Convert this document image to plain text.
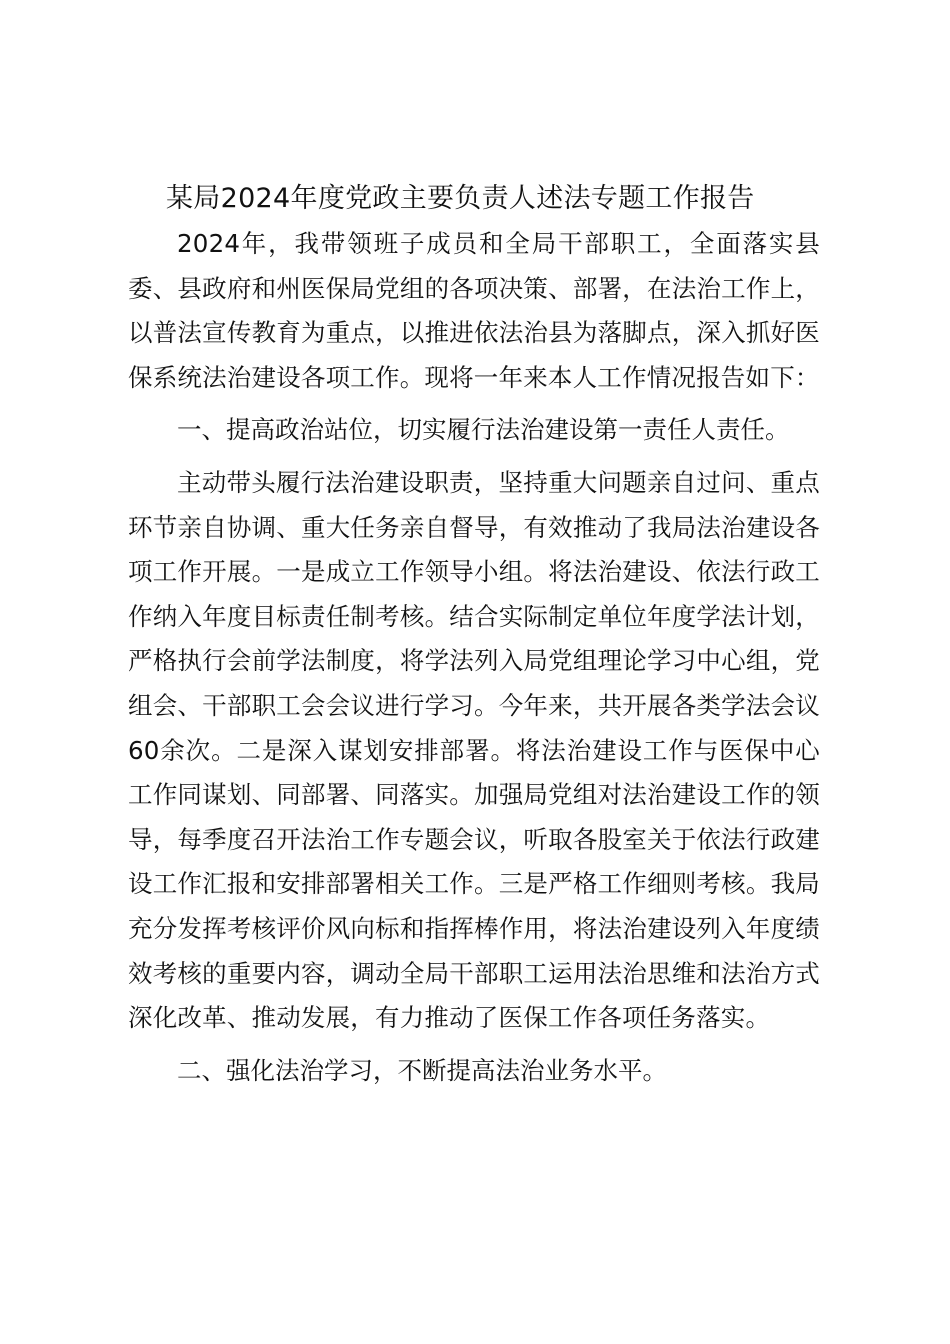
某局2024年度党政主要负责人述法专题工作报告

2024年，我带领班子成员和全局干部职工，全面落实县委、县政府和州医保局党组的各项决策、部署，在法治工作上，以普法宣传教育为重点，以推进依法治县为落脚点，深入抓好医保系统法治建设各项工作。现将一年来本人工作情况报告如下：

一、提高政治站位，切实履行法治建设第一责任人责任。

主动带头履行法治建设职责，坚持重大问题亲自过问、重点环节亲自协调、重大任务亲自督导，有效推动了我局法治建设各项工作开展。一是成立工作领导小组。将法治建设、依法行政工作纳入年度目标责任制考核。结合实际制定单位年度学法计划，严格执行会前学法制度，将学法列入局党组理论学习中心组，党组会、干部职工会会议进行学习。今年来，共开展各类学法会议60余次。二是深入谋划安排部署。将法治建设工作与医保中心工作同谋划、同部署、同落实。加强局党组对法治建设工作的领导，每季度召开法治工作专题会议，听取各股室关于依法行政建设工作汇报和安排部署相关工作。三是严格工作细则考核。我局充分发挥考核评价风向标和指挥棒作用，将法治建设列入年度绩效考核的重要内容，调动全局干部职工运用法治思维和法治方式深化改革、推动发展，有力推动了医保工作各项任务落实。

二、强化法治学习，不断提高法治业务水平。
